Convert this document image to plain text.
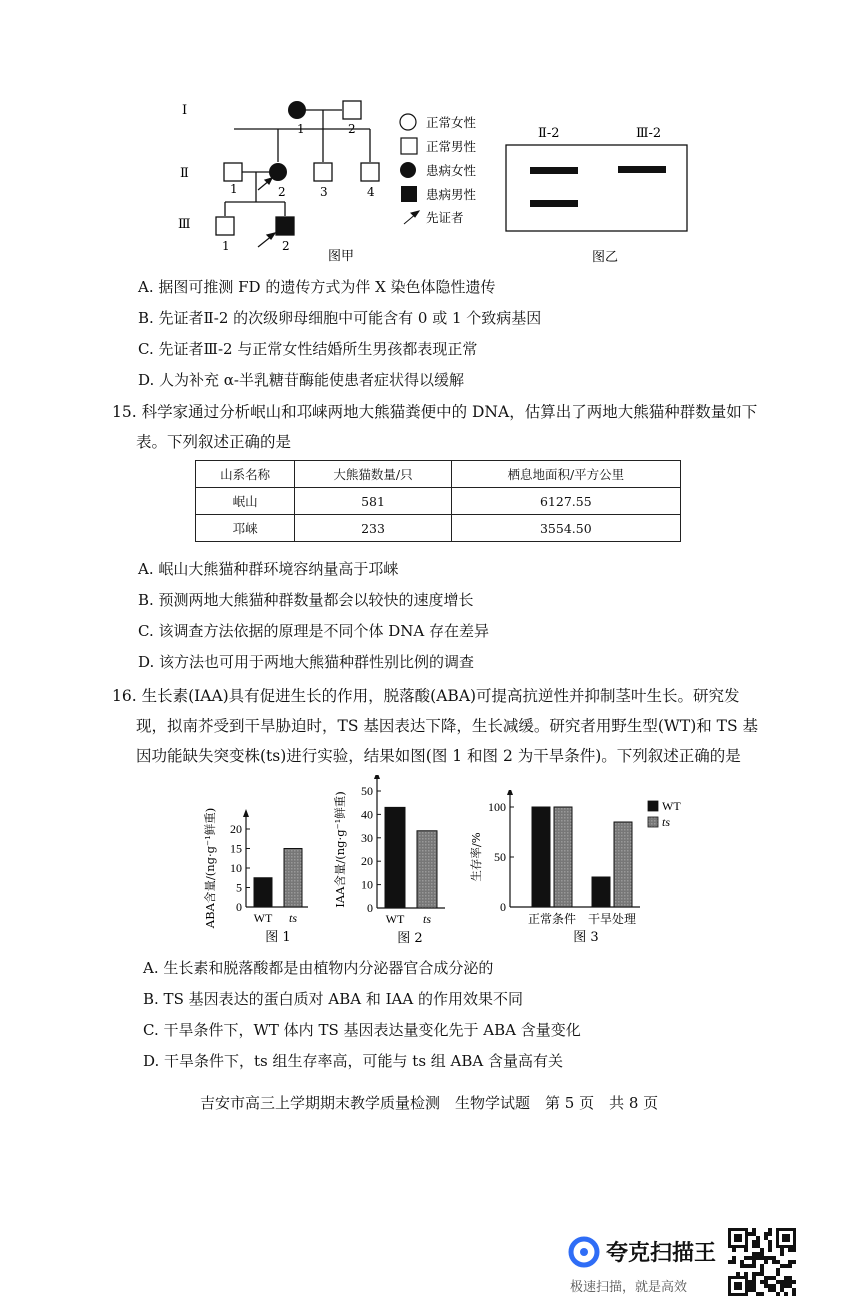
Ⅰ
Ⅱ
Ⅲ
1	2
1	2	3	4
1	2
正常女性
正常男性
患病女性
患病男性
先证者
图甲
Ⅱ-2	Ⅲ-2
图乙
A. 据图可推测 FD 的遗传方式为伴 X 染色体隐性遗传
B. 先证者Ⅱ-2 的次级卵母细胞中可能含有 0 或 1 个致病基因
C. 先证者Ⅲ-2 与正常女性结婚所生男孩都表现正常
D. 人为补充 α-半乳糖苷酶能使患者症状得以缓解
15. 科学家通过分析岷山和邛崃两地大熊猫粪便中的 DNA，估算出了两地大熊猫种群数量如下
表。下列叙述正确的是
山系名称	大熊猫数量/只	栖息地面积/平方公里
岷山	581	6127.55
邛崃	233	3554.50
A. 岷山大熊猫种群环境容纳量高于邛崃
B. 预测两地大熊猫种群数量都会以较快的速度增长
C. 该调查方法依据的原理是不同个体 DNA 存在差异
D. 该方法也可用于两地大熊猫种群性别比例的调查
16. 生长素(IAA)具有促进生长的作用，脱落酸(ABA)可提高抗逆性并抑制茎叶生长。研究发
现，拟南芥受到干旱胁迫时，TS 基因表达下降，生长减缓。研究者用野生型(WT)和 TS 基
因功能缺失突变株(ts)进行实验，结果如图(图 1 和图 2 为干旱条件)。下列叙述正确的是
0
5
10
15
20
ABA含量/(ng·g⁻¹鲜重)	WT ts
图 1
0
10
20
30
40
50
IAA含量/(ng·g⁻¹鲜重)
WT ts
图 2
0
50
100
生存率/%
正常条件 干旱处理
WT
ts
图 3
A. 生长素和脱落酸都是由植物内分泌器官合成分泌的
B. TS 基因表达的蛋白质对 ABA 和 IAA 的作用效果不同
C. 干旱条件下，WT 体内 TS 基因表达量变化先于 ABA 含量变化
D. 干旱条件下，ts 组生存率高，可能与 ts 组 ABA 含量高有关
吉安市高三上学期期末教学质量检测　生物学试题　第 5 页　共 8 页
夸克扫描王
极速扫描，就是高效
